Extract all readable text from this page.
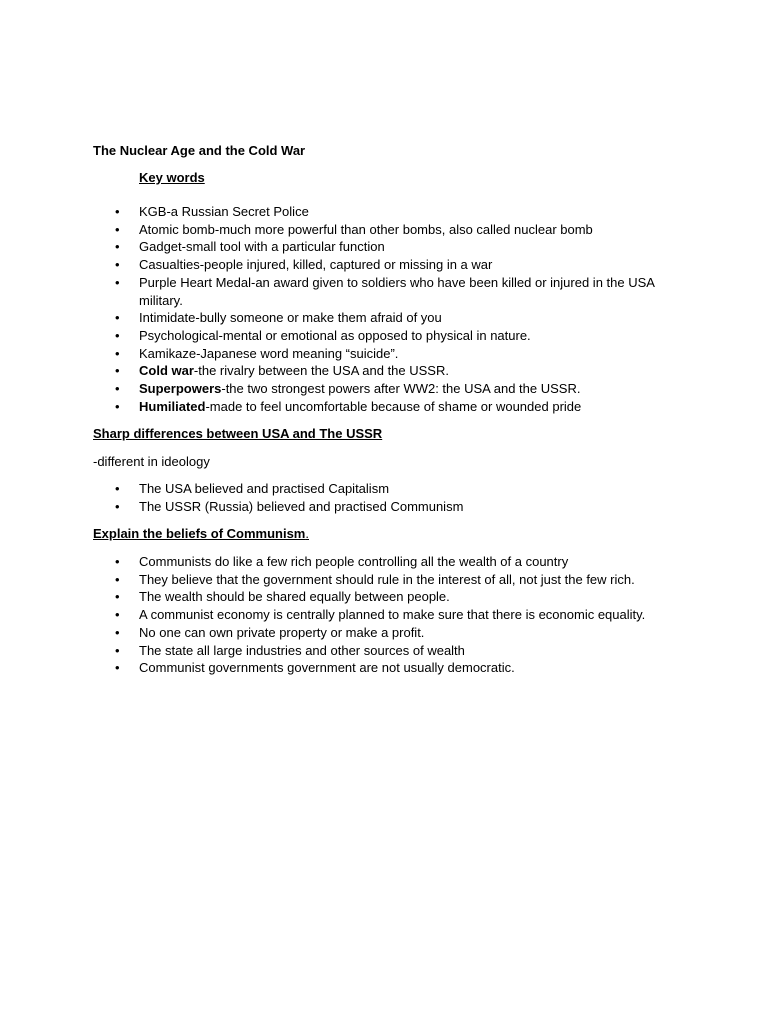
The Nuclear Age and the Cold War
Key words
• KGB-a Russian Secret Police
• Atomic bomb-much more powerful than other bombs, also called nuclear bomb
• Gadget-small tool with a particular function
• Casualties-people injured, killed, captured or missing in a war
• Purple Heart Medal-an award given to soldiers who have been killed or injured in the USA military.
• Intimidate-bully someone or make them afraid of you
• Psychological-mental or emotional as opposed to physical in nature.
• Kamikaze-Japanese word meaning “suicide”.
• Cold war-the rivalry between the USA and the USSR.
• Superpowers-the two strongest powers after WW2: the USA and the USSR.
• Humiliated-made to feel uncomfortable because of shame or wounded pride
Sharp differences between USA and The USSR
-different in ideology
• The USA believed and practised Capitalism
• The USSR (Russia) believed and practised Communism
Explain the beliefs of Communism.
• Communists do like a few rich people controlling all the wealth of a country
• They believe that the government should rule in the interest of all, not just the few rich.
• The wealth should be shared equally between people.
• A communist economy is centrally planned to make sure that there is economic equality.
• No one can own private property or make a profit.
• The state all large industries and other sources of wealth
• Communist governments government are not usually democratic.
